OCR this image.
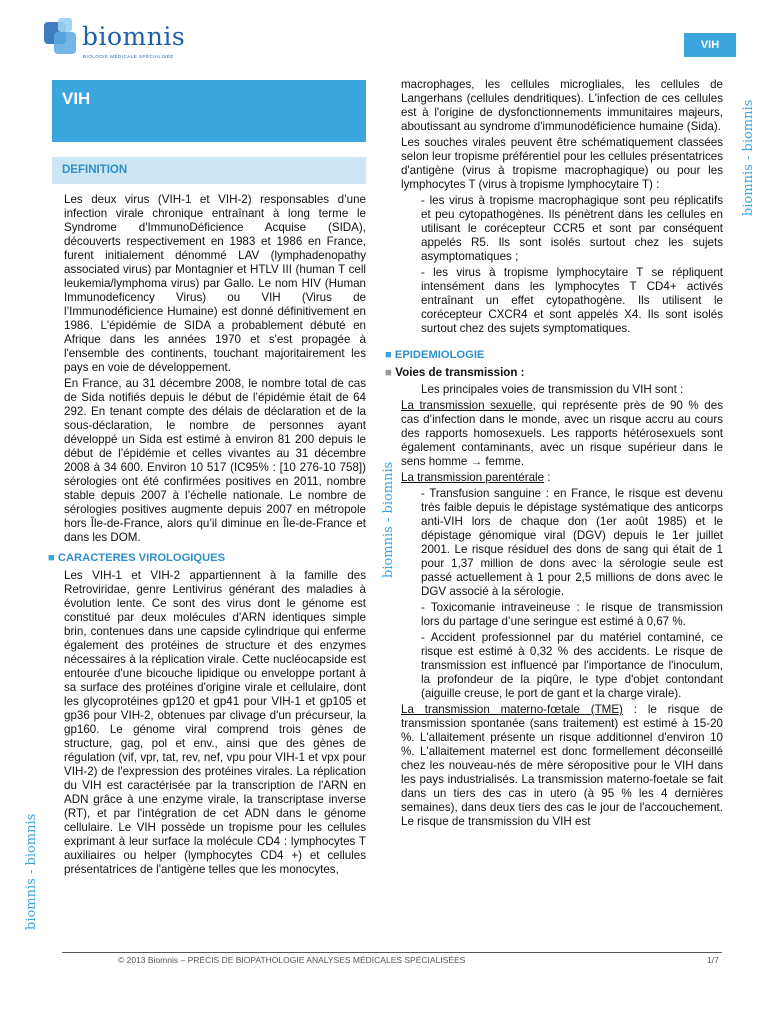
biomnis
BIOLOGIE MÉDICALE SPÉCIALISÉE
VIH
VIH
DEFINITION

Les deux virus (VIH-1 et VIH-2) responsables d’une infection virale chronique entraînant à long terme le Syndrome d'ImmunoDéficience Acquise (SIDA), découverts respectivement en 1983 et 1986 en France, furent initialement dénommé LAV (lymphadenopathy associated virus) par Montagnier et HTLV III (human T cell leukemia/lymphoma virus) par Gallo. Le nom HIV (Human Immunodeficency Virus) ou VIH (Virus de l’Immunodéficience Humaine) est donné définitivement en 1986. L'épidémie de SIDA a probablement débuté en Afrique dans les années 1970 et s'est propagée à l'ensemble des continents, touchant majoritairement les pays en voie de développement.

En France, au 31 décembre 2008, le nombre total de cas de Sida notifiés depuis le début de l’épidémie était de 64 292. En tenant compte des délais de déclaration et de la sous-déclaration, le nombre de personnes ayant développé un Sida est estimé à environ 81 200 depuis le début de l’épidémie et celles vivantes au 31 décembre 2008 à 34 600. Environ 10 517 (IC95% : [10 276-10 758]) sérologies ont été confirmées positives en 2011, nombre stable depuis 2007 à l’échelle nationale. Le nombre de sérologies positives augmente depuis 2007 en métropole hors Île-de-France, alors qu’il diminue en Île-de-France et dans les DOM.

■ CARACTERES VIROLOGIQUES

Les VIH-1 et VIH-2 appartiennent à la famille des Retroviridae, genre Lentivirus générant des maladies à évolution lente. Ce sont des virus dont le génome est constitué par deux molécules d'ARN identiques simple brin, contenues dans une capside cylindrique qui enferme également des protéines de structure et des enzymes nécessaires à la réplication virale. Cette nucléocapside est entourée d'une bicouche lipidique ou enveloppe portant à sa surface des protéines d'origine virale et cellulaire, dont les glycoprotéines gp120 et gp41 pour VIH-1 et gp105 et gp36 pour VIH-2, obtenues par clivage d'un précurseur, la gp160. Le génome viral comprend trois gènes de structure, gag, pol et env., ainsi que des gènes de régulation (vif, vpr, tat, rev, nef, vpu pour VIH-1 et vpx pour VIH-2) de l'expression des protéines virales. La réplication du VIH est caractérisée par la transcription de l'ARN en ADN grâce à une enzyme virale, la transcriptase inverse (RT), et par l'intégration de cet ADN dans le génome cellulaire. Le VIH possède un tropisme pour les cellules exprimant à leur surface la molécule CD4 : lymphocytes T auxiliaires ou helper (lymphocytes CD4 +) et cellules présentatrices de l'antigène telles que les monocytes,

macrophages, les cellules microgliales, les cellules de Langerhans (cellules dendritiques). L'infection de ces cellules est à l'origine de dysfonctionnements immunitaires majeurs, aboutissant au syndrome d'immunodéficience humaine (Sida).

Les souches virales peuvent être schématiquement classées selon leur tropisme préférentiel pour les cellules présentatrices d'antigène (virus à tropisme macrophagique) ou pour les lymphocytes T (virus à tropisme lymphocytaire T) :

- les virus à tropisme macrophagique sont peu réplicatifs et peu cytopathogènes. Ils pénètrent dans les cellules en utilisant le corécepteur CCR5 et sont par conséquent appelés R5. Ils sont isolés surtout chez les sujets asymptomatiques ;

- les virus à tropisme lymphocytaire T se répliquent intensément dans les lymphocytes T CD4+ activés entraînant un effet cytopathogène. Ils utilisent le corécepteur CXCR4 et sont appelés X4. Ils sont isolés surtout chez des sujets symptomatiques.

■ EPIDEMIOLOGIE
■ Voies de transmission :

Les principales voies de transmission du VIH sont :

La transmission sexuelle, qui représente près de 90 % des cas d’infection dans le monde, avec un risque accru au cours des rapports homosexuels. Les rapports hétérosexuels sont également contaminants, avec un risque supérieur dans le sens homme → femme.

La transmission parentérale :

- Transfusion sanguine : en France, le risque est devenu très faible depuis le dépistage systématique des anticorps anti-VIH lors de chaque don (1er août 1985) et le dépistage génomique viral (DGV) depuis le 1er juillet 2001. Le risque résiduel des dons de sang qui était de 1 pour 1,37 million de dons avec la sérologie seule est passé actuellement à 1 pour 2,5 millions de dons avec le DGV associé à la sérologie.

- Toxicomanie intraveineuse : le risque de transmission lors du partage d’une seringue est estimé à 0,67 %.

- Accident professionnel par du matériel contaminé, ce risque est estimé à 0,32 % des accidents. Le risque de transmission est influencé par l'importance de l'inoculum, la profondeur de la piqûre, le type d'objet contondant (aiguille creuse, le port de gant et la charge virale).

La transmission materno-fœtale (TME) : le risque de transmission spontanée (sans traitement) est estimé à 15-20 %. L'allaitement présente un risque additionnel d'environ 10 %. L'allaitement maternel est donc formellement déconseillé chez les nouveau-nés de mère séropositive pour le VIH dans les pays industrialisés. La transmission materno-foetale se fait dans un tiers des cas in utero (à 95 % les 4 dernières semaines), dans deux tiers des cas le jour de l'accouchement. Le risque de transmission du VIH est

biomnis - biomnis
biomnis - biomnis
biomnis - biomnis
© 2013 Biomnis – PRÉCIS DE BIOPATHOLOGIE ANALYSES MÉDICALES SPÉCIALISÉES	1/7
